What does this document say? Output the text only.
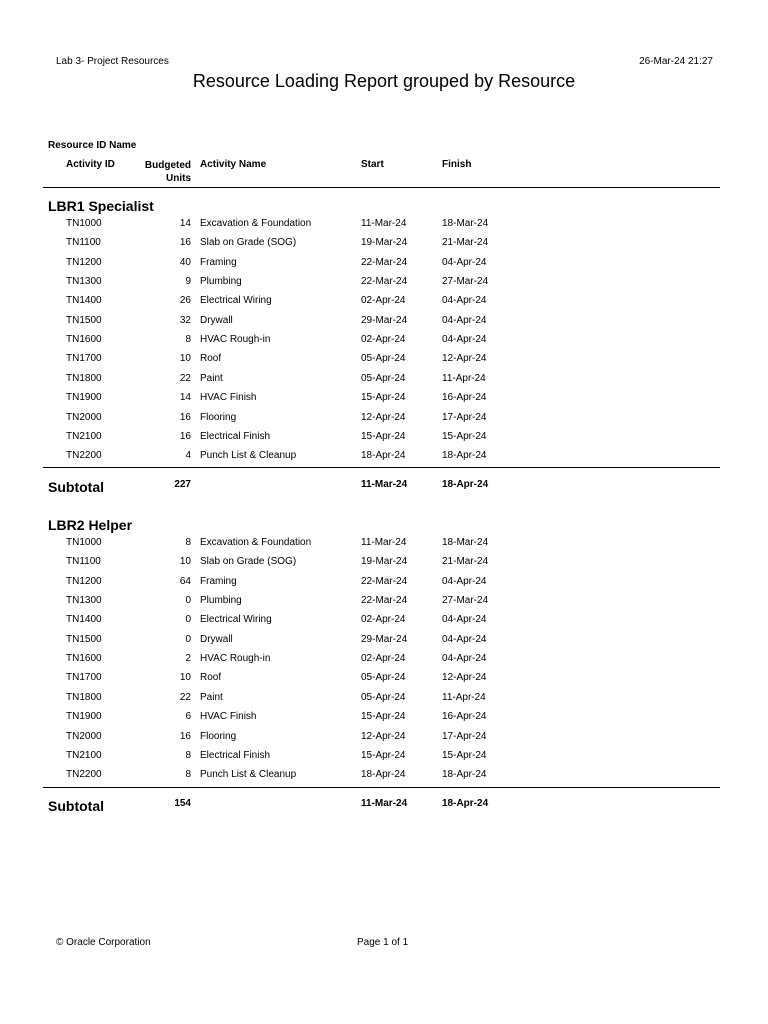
Lab 3- Project Resources	26-Mar-24 21:27
Resource Loading Report grouped by Resource
Resource ID Name
Activity ID	Budgeted Units
Activity Name	Start	Finish
LBR1 Specialist
TN1000	14 Excavation & Foundation	11-Mar-24	18-Mar-24
TN1100	16 Slab on Grade (SOG)	19-Mar-24	21-Mar-24
TN1200	40 Framing	22-Mar-24	04-Apr-24
TN1300	9 Plumbing	22-Mar-24	27-Mar-24
TN1400	26 Electrical Wiring	02-Apr-24	04-Apr-24
TN1500	32 Drywall	29-Mar-24	04-Apr-24
TN1600	8 HVAC Rough-in	02-Apr-24	04-Apr-24
TN1700	10 Roof	05-Apr-24	12-Apr-24
TN1800	22 Paint	05-Apr-24	11-Apr-24
TN1900	14 HVAC Finish	15-Apr-24	16-Apr-24
TN2000	16 Flooring	12-Apr-24	17-Apr-24
TN2100	16 Electrical Finish	15-Apr-24	15-Apr-24
TN2200	4 Punch List & Cleanup	18-Apr-24	18-Apr-24
Subtotal	227	11-Mar-24	18-Apr-24
LBR2 Helper
TN1000	8 Excavation & Foundation	11-Mar-24	18-Mar-24
TN1100	10 Slab on Grade (SOG)	19-Mar-24	21-Mar-24
TN1200	64 Framing	22-Mar-24	04-Apr-24
TN1300	0 Plumbing	22-Mar-24	27-Mar-24
TN1400	0 Electrical Wiring	02-Apr-24	04-Apr-24
TN1500	0 Drywall	29-Mar-24	04-Apr-24
TN1600	2 HVAC Rough-in	02-Apr-24	04-Apr-24
TN1700	10 Roof	05-Apr-24	12-Apr-24
TN1800	22 Paint	05-Apr-24	11-Apr-24
TN1900	6 HVAC Finish	15-Apr-24	16-Apr-24
TN2000	16 Flooring	12-Apr-24	17-Apr-24
TN2100	8 Electrical Finish	15-Apr-24	15-Apr-24
TN2200	8 Punch List & Cleanup	18-Apr-24	18-Apr-24
Subtotal	154	11-Mar-24	18-Apr-24
© Oracle Corporation	Page 1 of 1
